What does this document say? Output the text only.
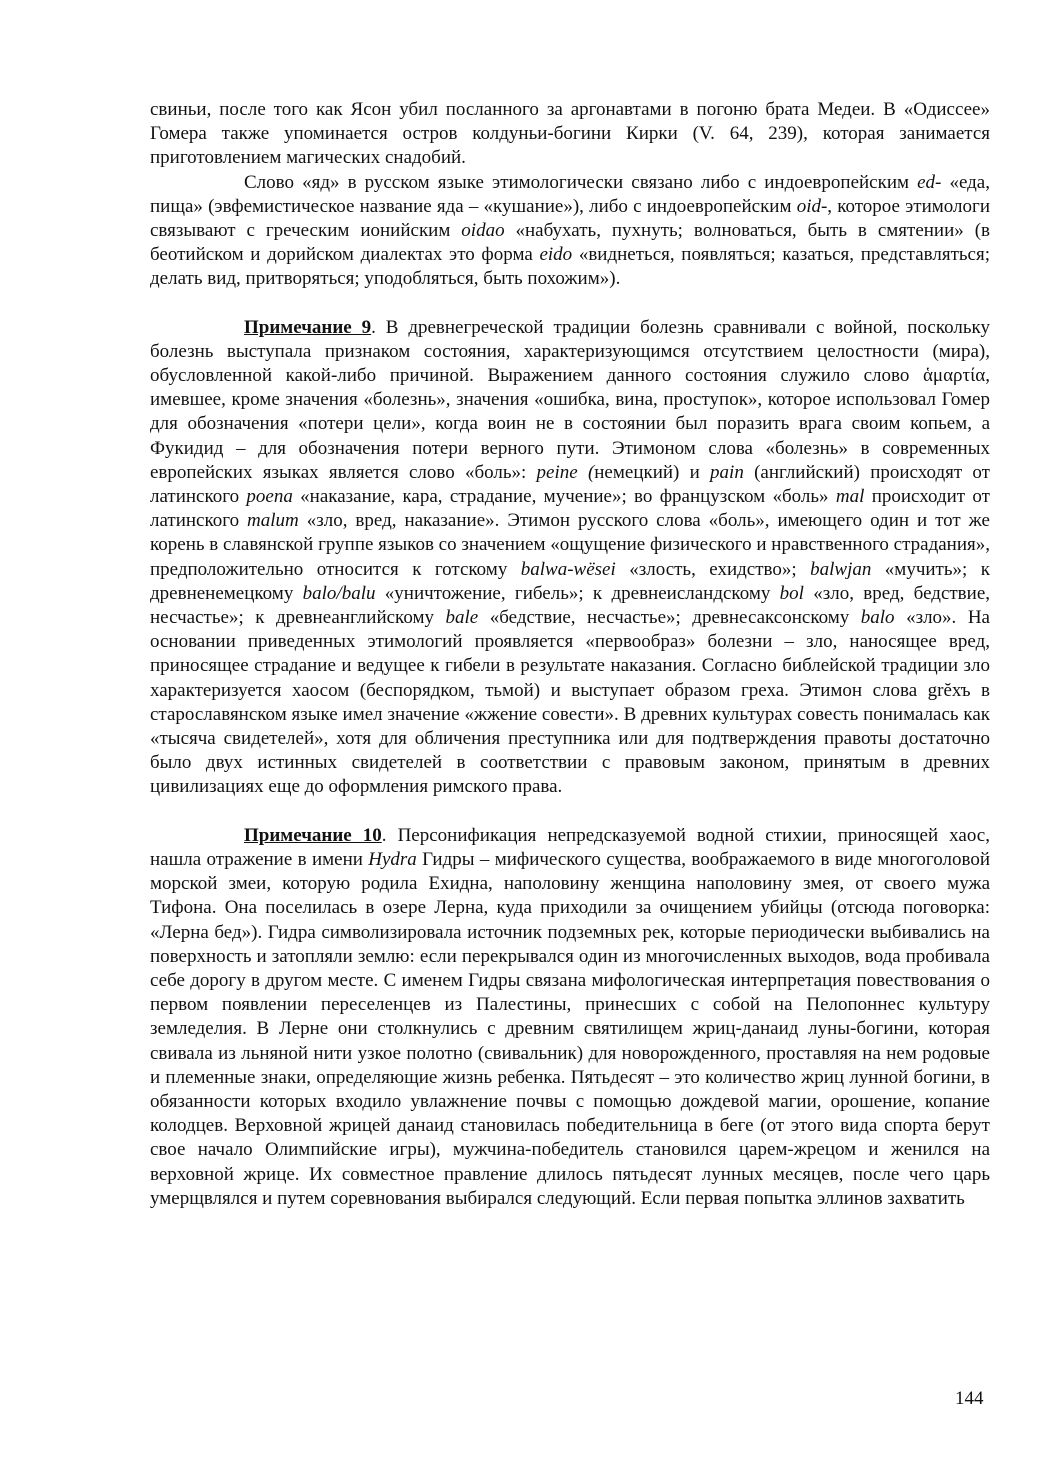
свиньи, после того как Ясон убил посланного за аргонавтами в погоню брата Медеи. В «Одиссее» Гомера также упоминается остров колдуньи-богини Кирки (V. 64, 239), которая занимается приготовлением магических снадобий.

Слово «яд» в русском языке этимологически связано либо с индоевропейским ed- «еда, пища» (эвфемистическое название яда – «кушание»), либо с индоевропейским oid-, которое этимологи связывают с греческим ионийским oidao «набухать, пухнуть; волноваться, быть в смятении» (в беотийском и дорийском диалектах это форма eido «виднеться, появляться; казаться, представляться; делать вид, притворяться; уподобляться, быть похожим»).

Примечание 9. В древнегреческой традиции болезнь сравнивали с войной, поскольку болезнь выступала признаком состояния, характеризующимся отсутствием целостности (мира), обусловленной какой-либо причиной. Выражением данного состояния служило слово ἁμαρτία, имевшее, кроме значения «болезнь», значения «ошибка, вина, проступок», которое использовал Гомер для обозначения «потери цели», когда воин не в состоянии был поразить врага своим копьем, а Фукидид – для обозначения потери верного пути. Этимоном слова «болезнь» в современных европейских языках является слово «боль»: peine (немецкий) и pain (английский) происходят от латинского poena «наказание, кара, страдание, мучение»; во французском «боль» mal происходит от латинского malum «зло, вред, наказание». Этимон русского слова «боль», имеющего один и тот же корень в славянской группе языков со значением «ощущение физического и нравственного страдания», предположительно относится к готскому balwa-wësei «злость, ехидство»; balwjan «мучить»; к древненемецкому balo/balu «уничтожение, гибель»; к древнеисландскому bol «зло, вред, бедствие, несчастье»; к древнеанглийскому bale «бедствие, несчастье»; древнесаксонскому balo «зло». На основании приведенных этимологий проявляется «первообраз» болезни – зло, наносящее вред, приносящее страдание и ведущее к гибели в результате наказания. Согласно библейской традиции зло характеризуется хаосом (беспорядком, тьмой) и выступает образом греха. Этимон слова grĕхъ в старославянском языке имел значение «жжение совести». В древних культурах совесть понималась как «тысяча свидетелей», хотя для обличения преступника или для подтверждения правоты достаточно было двух истинных свидетелей в соответствии с правовым законом, принятым в древних цивилизациях еще до оформления римского права.

Примечание 10. Персонификация непредсказуемой водной стихии, приносящей хаос, нашла отражение в имени Hydra Гидры – мифического существа, воображаемого в виде многоголовой морской змеи, которую родила Ехидна, наполовину женщина наполовину змея, от своего мужа Тифона. Она поселилась в озере Лерна, куда приходили за очищением убийцы (отсюда поговорка: «Лерна бед»). Гидра символизировала источник подземных рек, которые периодически выбивались на поверхность и затопляли землю: если перекрывался один из многочисленных выходов, вода пробивала себе дорогу в другом месте. С именем Гидры связана мифологическая интерпретация повествования о первом появлении переселенцев из Палестины, принесших с собой на Пелопоннес культуру земледелия. В Лерне они столкнулись с древним святилищем жриц-данаид луны-богини, которая свивала из льняной нити узкое полотно (свивальник) для новорожденного, проставляя на нем родовые и племенные знаки, определяющие жизнь ребенка. Пятьдесят – это количество жриц лунной богини, в обязанности которых входило увлажнение почвы с помощью дождевой магии, орошение, копание колодцев. Верховной жрицей данаид становилась победительница в беге (от этого вида спорта берут свое начало Олимпийские игры), мужчина-победитель становился царем-жрецом и женился на верховной жрице. Их совместное правление длилось пятьдесят лунных месяцев, после чего царь умерщвлялся и путем соревнования выбирался следующий. Если первая попытка эллинов захватить

144
